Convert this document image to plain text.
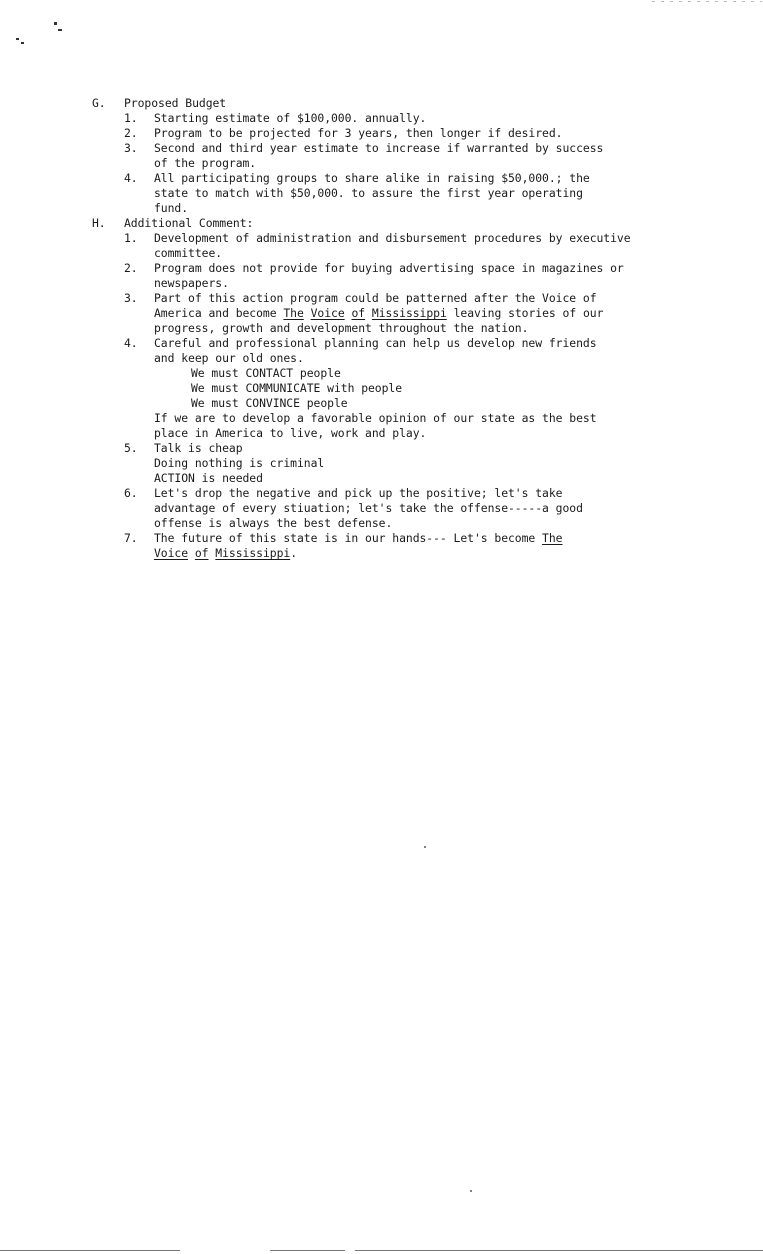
G. Proposed Budget
1. Starting estimate of $100,000. annually.
2. Program to be projected for 3 years, then longer if desired.
3. Second and third year estimate to increase if warranted by success
of the program.
4. All participating groups to share alike in raising $50,000.; the
state to match with $50,000. to assure the first year operating
fund.
H. Additional Comment:
1. Development of administration and disbursement procedures by executive
committee.
2. Program does not provide for buying advertising space in magazines or
newspapers.
3. Part of this action program could be patterned after the Voice of
America and become The Voice of Mississippi leaving stories of our
progress, growth and development throughout the nation.
4. Careful and professional planning can help us develop new friends
and keep our old ones.
We must CONTACT people
We must COMMUNICATE with people
We must CONVINCE people
If we are to develop a favorable opinion of our state as the best
place in America to live, work and play.
5. Talk is cheap
Doing nothing is criminal
ACTION is needed
6. Let's drop the negative and pick up the positive; let's take
advantage of every stiuation; let's take the offense-----a good
offense is always the best defense.
7. The future of this state is in our hands--- Let's become The
Voice of Mississippi.
